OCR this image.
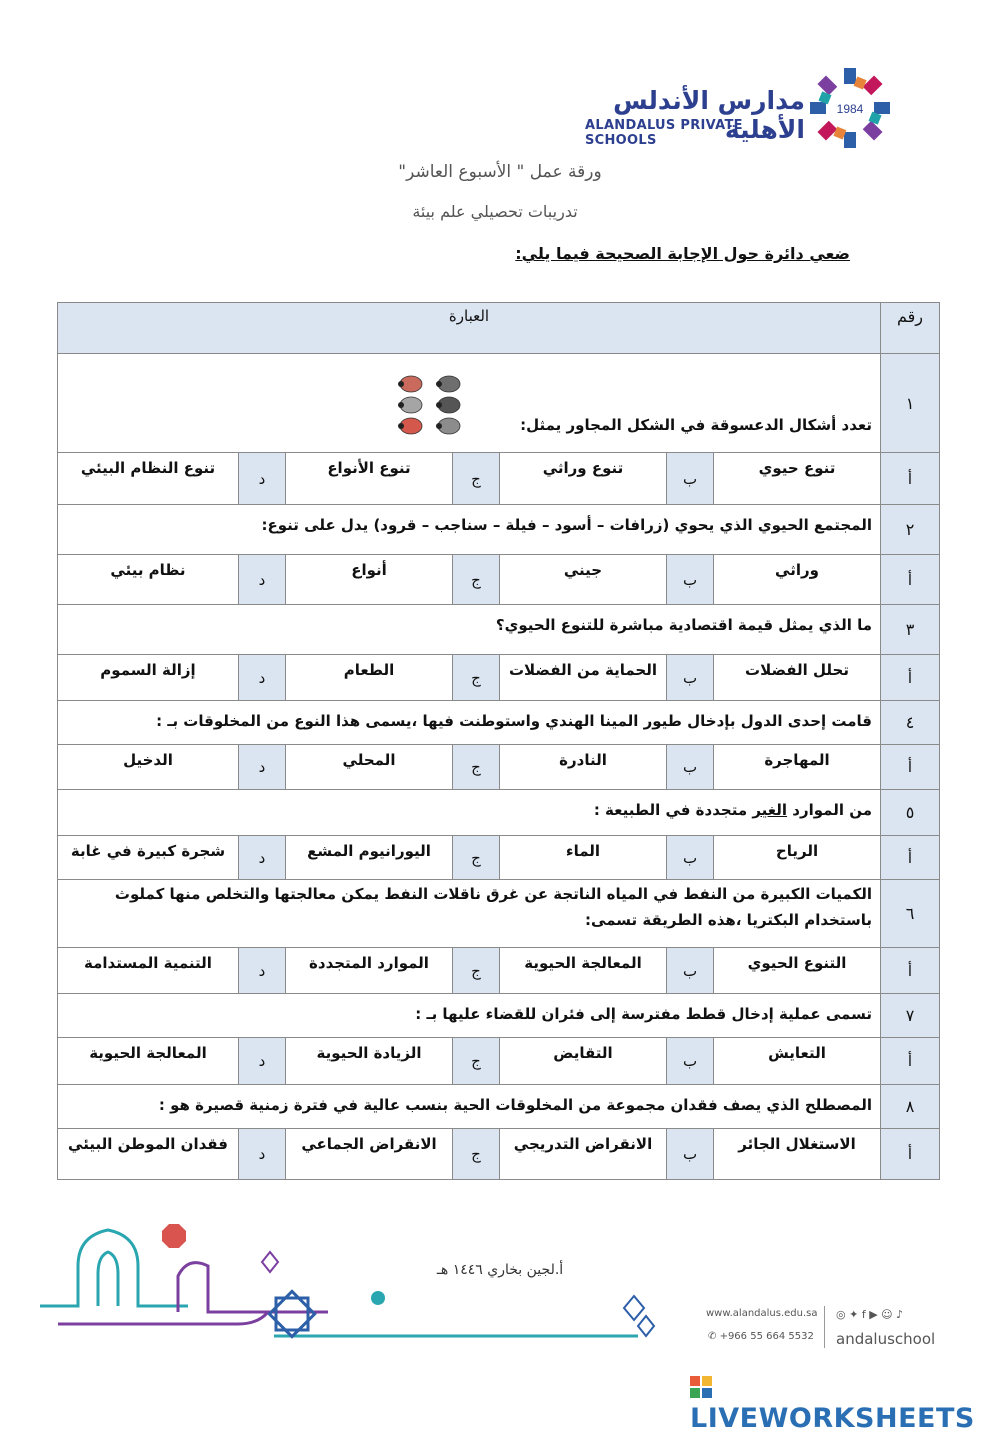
1984
مدارس الأندلس الأهلية
ALANDALUS PRIVATE SCHOOLS
ورقة عمل " الأسبوع العاشر"
تدريبات تحصيلي علم بيئة
ضعي دائرة حول الإجابة الصحيحة فيما يلي:
رقم	العبارة						
١	تعدد أشكال الدعسوقة في الشكل المجاور يمثل:						
أ	تنوع حيوي	ب	تنوع وراثي	ج	تنوع الأنواع	د	تنوع النظام البيئي
٢	المجتمع الحيوي الذي يحوي (زرافات – أسود – فيلة – سناجب – قرود) يدل على تنوع:						
أ	وراثي	ب	جيني	ج	أنواع	د	نظام بيئي
٣	ما الذي يمثل قيمة اقتصادية مباشرة للتنوع الحيوي؟						
أ	تحلل الفضلات	ب	الحماية من الفضلات	ج	الطعام	د	إزالة السموم
٤	قامت إحدى الدول بإدخال طيور المينا الهندي واستوطنت فيها ،يسمى هذا النوع من المخلوقات بـ :						
أ	المهاجرة	ب	النادرة	ج	المحلي	د	الدخيل
٥	من الموارد الغير متجددة في الطبيعة :						
أ	الرياح	ب	الماء	ج	اليورانيوم المشع	د	شجرة كبيرة في غابة
٦	الكميات الكبيرة من النفط في المياه الناتجة عن غرق ناقلات النفط يمكن معالجتها والتخلص منها كملوث باستخدام البكتريا ،هذه الطريقة تسمى:						
أ	التنوع الحيوي	ب	المعالجة الحيوية	ج	الموارد المتجددة	د	التنمية المستدامة
٧	تسمى عملية إدخال قطط مفترسة إلى فئران للقضاء عليها بـ :						
أ	التعايش	ب	التقايض	ج	الزيادة الحيوية	د	المعالجة الحيوية
٨	المصطلح الذي يصف فقدان مجموعة من المخلوقات الحية بنسب عالية في فترة زمنية قصيرة هو :						
أ	الاستغلال الجائر	ب	الانقراض التدريجي	ج	الانقراض الجماعي	د	فقدان الموطن البيئي
أ.لجين بخاري ١٤٤٦ هـ
www.alandalus.edu.sa ◎ ✦ f ▶ ☺ ♪
✆ +966 55 664 5532 andaluschool
LIVEWORKSHEETS
